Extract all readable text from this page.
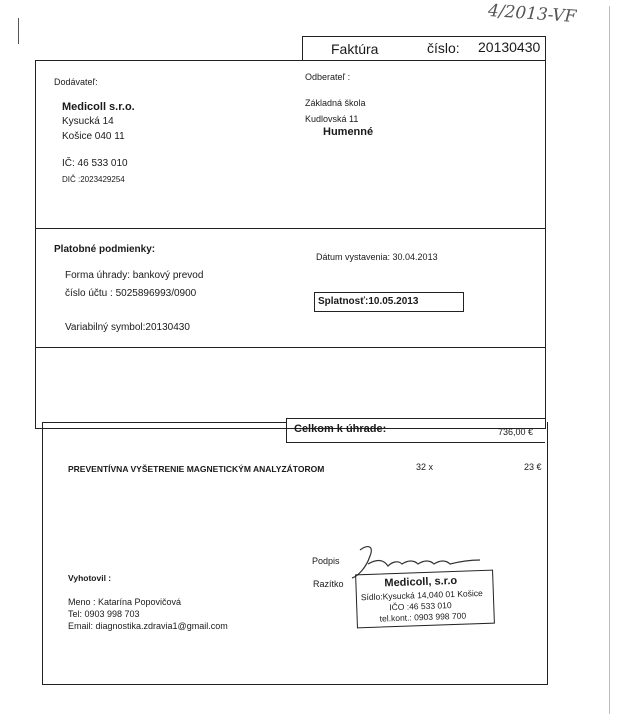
4/2013-VF
Faktúra	číslo: 20130430
Dodávateľ:
Medicoll s.r.o.
Kysucká 14
Košice 040 11
IČ: 46 533 010
DIČ :2023429254
Odberateľ :
Základná škola
Kudlovská 11
Humenné
Platobné podmienky:
Forma úhrady: bankový prevod
číslo účtu : 5025896993/0900
Variabilný symbol:20130430
Dátum vystavenia: 30.04.2013
Splatnosť:10.05.2013
Celkom k úhrade:	736,00 €
PREVENTÍVNA VYŠETRENIE MAGNETICKÝM ANALYZÁTOROM	32 x	23 €
Vyhotovil :
Meno : Katarína Popovičová
Tel: 0903 998 703
Email: diagnostika.zdravia1@gmail.com
Podpis
Razítko	Medicoll, s.r.o
Sídlo:Kysucká 14,040 01 Košice
IČO :46 533 010
tel.kont.: 0903 998 700
